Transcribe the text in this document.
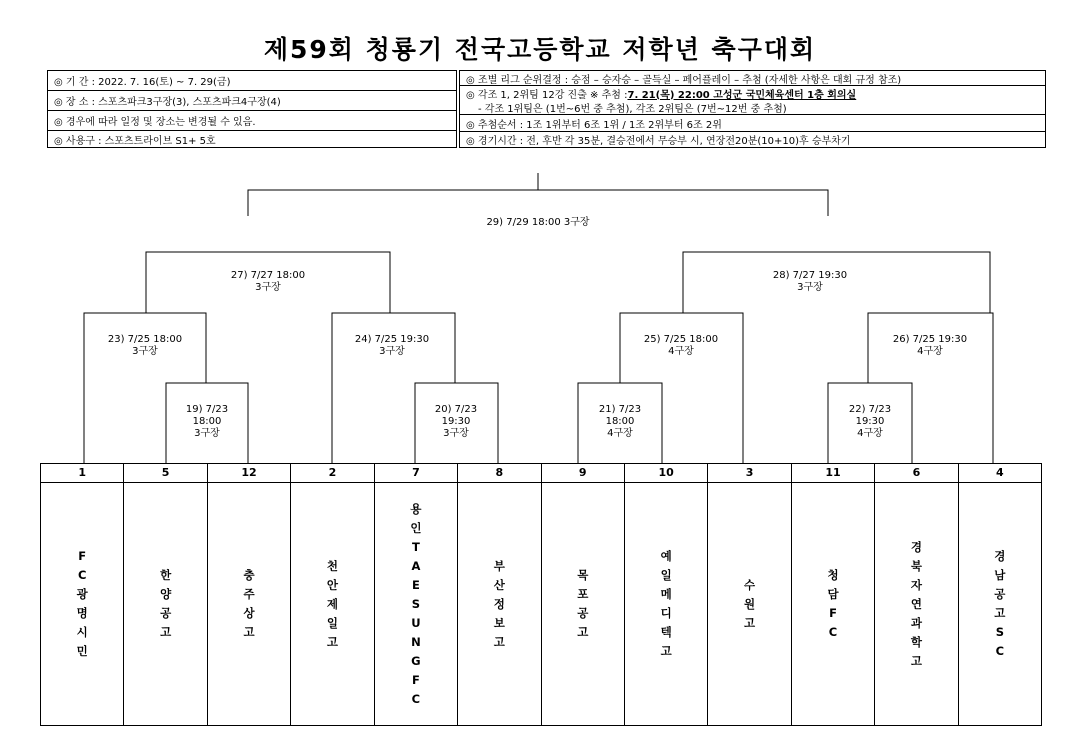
제59회 청룡기 전국고등학교 저학년 축구대회
◎ 기 간 : 2022. 7. 16(토) ~ 7. 29(금)
◎ 장 소 : 스포츠파크3구장(3), 스포츠파크4구장(4)
◎ 경우에 따라 일정 및 장소는 변경될 수 있음.
◎ 사용구 : 스포츠트라이브 S1+ 5호
◎ 조별 리그 순위결정 : 승점 – 승자승 – 골득실 – 페어플레이 – 추첨 (자세한 사항은 대회 규정 참조)
◎ 각조 1, 2위팀 12강 진출 ※ 추첨 : 7. 21(목) 22:00 고성군 국민체육센터 1층 회의실
- 각조 1위팀은 (1번~6번 중 추첨), 각조 2위팀은 (7번~12번 중 추첨)
◎ 추첨순서 : 1조 1위부터 6조 1위 / 1조 2위부터 6조 2위
◎ 경기시간 : 전, 후반 각 35분, 결승전에서 무승부 시, 연장전20분(10+10)후 승부차기
29) 7/29 18:00 3구장
27) 7/27 18:00
3구장
28) 7/27 19:30
3구장
23) 7/25 18:00
3구장
24) 7/25 19:30
3구장
25) 7/25 18:00
4구장
26) 7/25 19:30
4구장
19) 7/23
18:00
3구장
20) 7/23
19:30
3구장
21) 7/23
18:00
4구장
22) 7/23
19:30
4구장
1
F
C
광
명
시
민
5
한
양
공
고
12
충
주
상
고
2
천
안
제
일
고
7
용
인
T
A
E
S
U
N
G
F
C
8
부
산
정
보
고
9
목
포
공
고
10
예
일
메
디
텍
고
3
수
원
고
11
청
담
F
C
6
경
북
자
연
과
학
고
4
경
남
공
고
S
C
